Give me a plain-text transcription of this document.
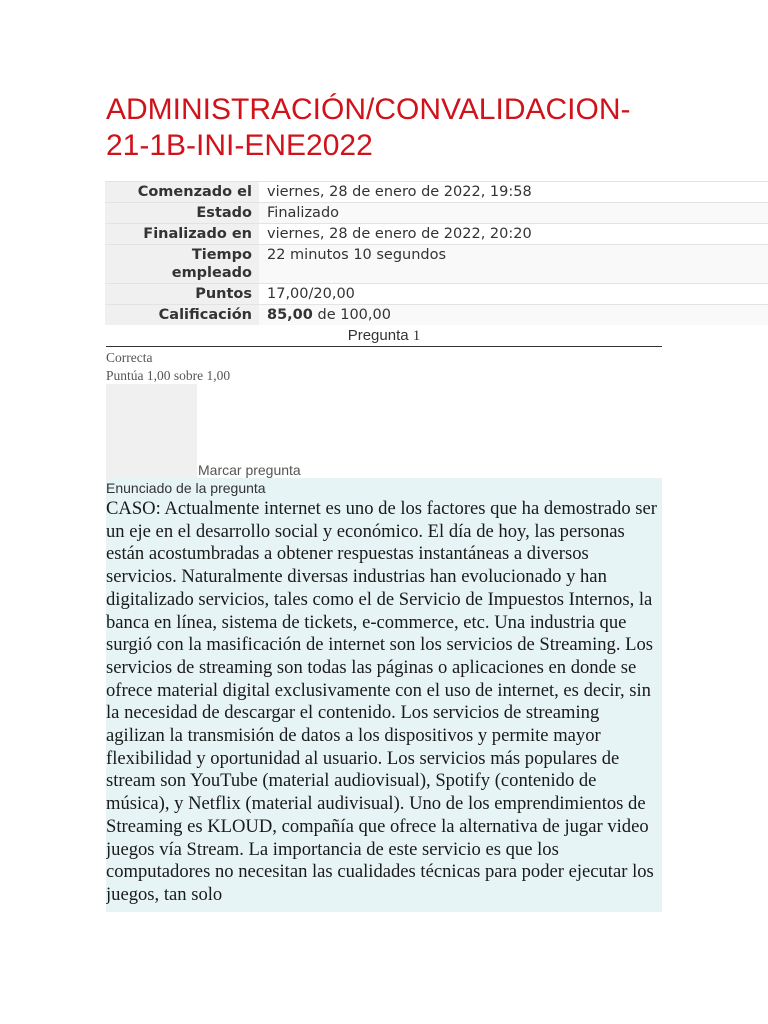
ADMINISTRACIÓN/CONVALIDACION-21-1B-INI-ENE2022
Comenzado el	viernes, 28 de enero de 2022, 19:58
Estado	Finalizado
Finalizado en	viernes, 28 de enero de 2022, 20:20
Tiempo empleado	22 minutos 10 segundos
Puntos	17,00/20,00
Calificación	85,00 de 100,00
Pregunta 1
Correcta
Puntúa 1,00 sobre 1,00
Marcar pregunta

Enunciado de la pregunta

CASO: Actualmente internet es uno de los factores que ha demostrado ser un eje en el desarrollo social y económico. El día de hoy, las personas están acostumbradas a obtener respuestas instantáneas a diversos servicios. Naturalmente diversas industrias han evolucionado y han digitalizado servicios, tales como el de Servicio de Impuestos Internos, la banca en línea, sistema de tickets, e-commerce, etc. Una industria que surgió con la masificación de internet son los servicios de Streaming. Los servicios de streaming son todas las páginas o aplicaciones en donde se ofrece material digital exclusivamente con el uso de internet, es decir, sin la necesidad de descargar el contenido. Los servicios de streaming agilizan la transmisión de datos a los dispositivos y permite mayor flexibilidad y oportunidad al usuario. Los servicios más populares de stream son YouTube (material audiovisual), Spotify (contenido de música), y Netflix (material audivisual). Uno de los emprendimientos de Streaming es KLOUD, compañía que ofrece la alternativa de jugar video juegos vía Stream. La importancia de este servicio es que los computadores no necesitan las cualidades técnicas para poder ejecutar los juegos, tan solo
